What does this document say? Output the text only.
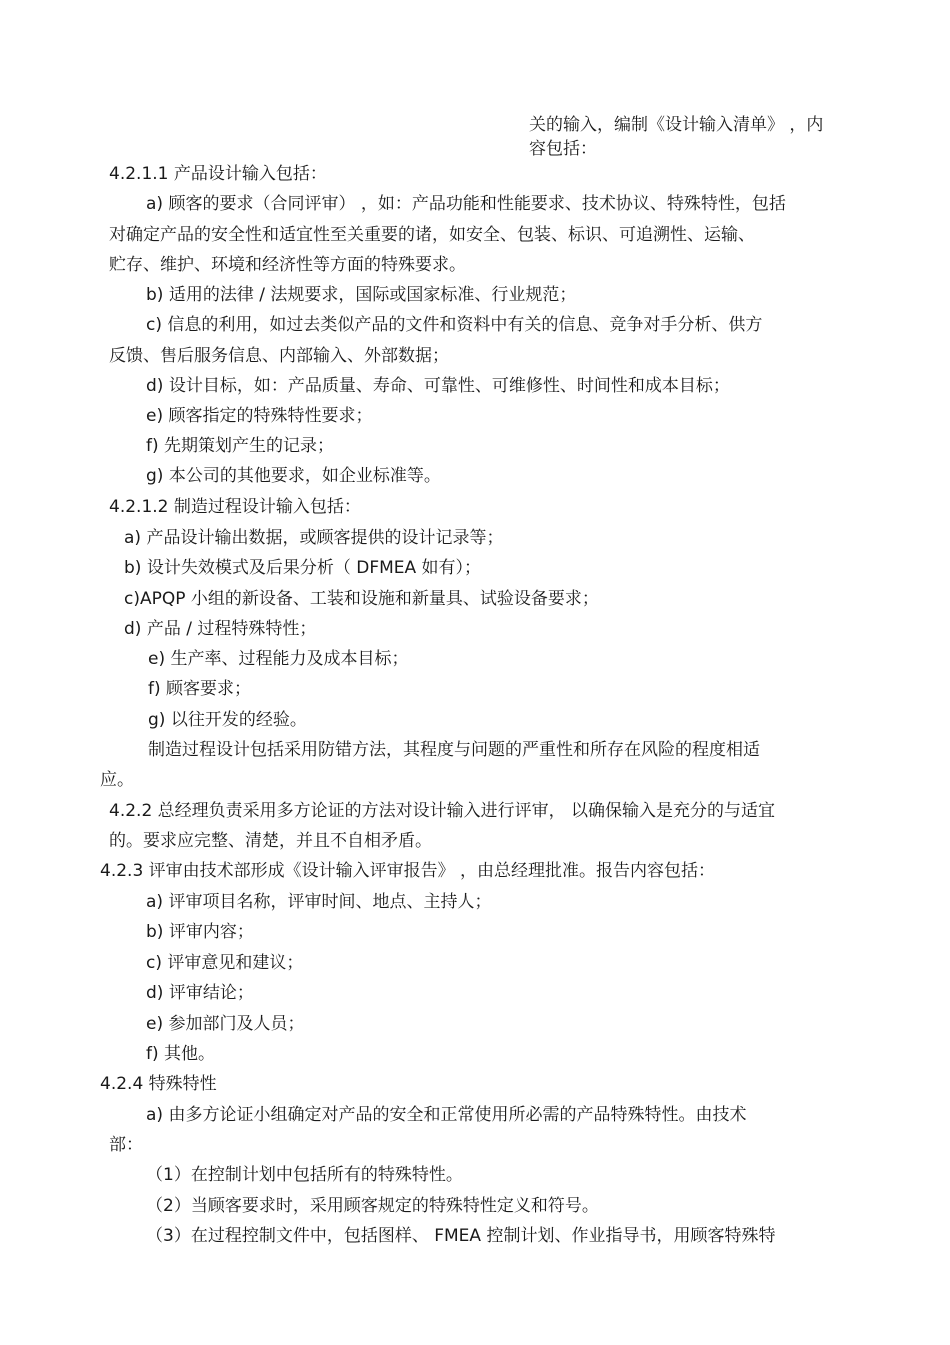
关的输入，编制《设计输入清单》 ，内
容包括：
4.2.1.1 产品设计输入包括：
a) 顾客的要求（合同评审） ，如：产品功能和性能要求、技术协议、特殊特性，包括
对确定产品的安全性和适宜性至关重要的诸，如安全、包装、标识、可追溯性、运输、
贮存、维护、环境和经济性等方面的特殊要求。
b) 适用的法律 / 法规要求，国际或国家标准、行业规范；
c) 信息的利用，如过去类似产品的文件和资料中有关的信息、竞争对手分析、供方
反馈、售后服务信息、内部输入、外部数据；
d) 设计目标，如：产品质量、寿命、可靠性、可维修性、时间性和成本目标；
e) 顾客指定的特殊特性要求；
f) 先期策划产生的记录；
g) 本公司的其他要求，如企业标准等。
4.2.1.2 制造过程设计输入包括：
a) 产品设计输出数据，或顾客提供的设计记录等；
b) 设计失效模式及后果分析（ DFMEA 如有）；
c)APQP 小组的新设备、工装和设施和新量具、试验设备要求；
d) 产品 / 过程特殊特性；
e) 生产率、过程能力及成本目标；
f) 顾客要求；
g) 以往开发的经验。
制造过程设计包括采用防错方法，其程度与问题的严重性和所存在风险的程度相适
应。
4.2.2 总经理负责采用多方论证的方法对设计输入进行评审， 以确保输入是充分的与适宜
的。要求应完整、清楚，并且不自相矛盾。
4.2.3 评审由技术部形成《设计输入评审报告》 ，由总经理批准。报告内容包括：
a) 评审项目名称，评审时间、地点、主持人；
b) 评审内容；
c) 评审意见和建议；
d) 评审结论；
e) 参加部门及人员；
f) 其他。
4.2.4 特殊特性
a) 由多方论证小组确定对产品的安全和正常使用所必需的产品特殊特性。由技术
部：
（1）在控制计划中包括所有的特殊特性。
（2）当顾客要求时，采用顾客规定的特殊特性定义和符号。
（3）在过程控制文件中，包括图样、 FMEA 控制计划、作业指导书，用顾客特殊特
